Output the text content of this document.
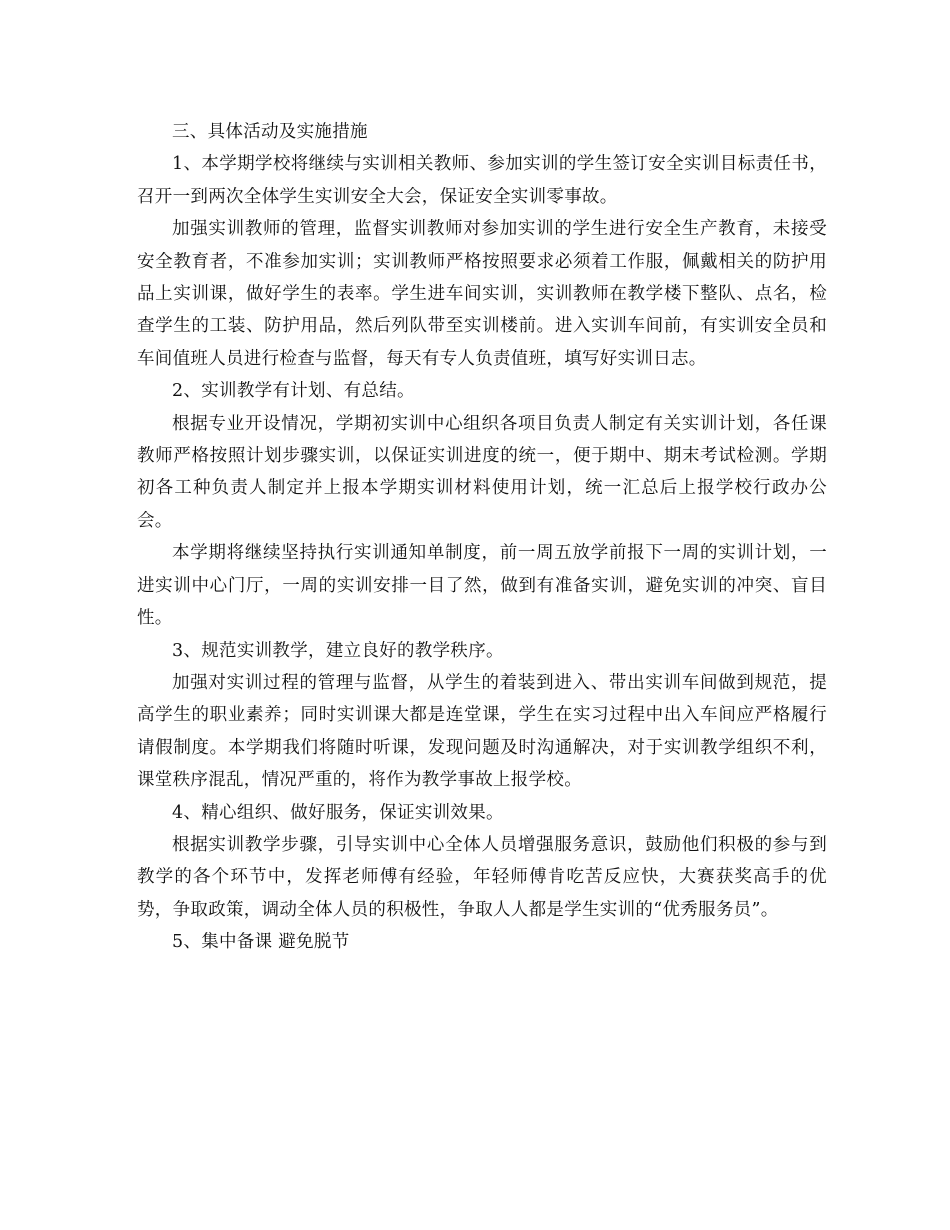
三、具体活动及实施措施

1、本学期学校将继续与实训相关教师、参加实训的学生签订安全实训目标责任书，召开一到两次全体学生实训安全大会，保证安全实训零事故。

加强实训教师的管理，监督实训教师对参加实训的学生进行安全生产教育，未接受安全教育者，不准参加实训；实训教师严格按照要求必须着工作服，佩戴相关的防护用品上实训课，做好学生的表率。学生进车间实训，实训教师在教学楼下整队、点名，检查学生的工装、防护用品，然后列队带至实训楼前。进入实训车间前，有实训安全员和车间值班人员进行检查与监督，每天有专人负责值班，填写好实训日志。

2、实训教学有计划、有总结。

根据专业开设情况，学期初实训中心组织各项目负责人制定有关实训计划，各任课教师严格按照计划步骤实训，以保证实训进度的统一，便于期中、期末考试检测。学期初各工种负责人制定并上报本学期实训材料使用计划，统一汇总后上报学校行政办公会。

本学期将继续坚持执行实训通知单制度，前一周五放学前报下一周的实训计划，一进实训中心门厅，一周的实训安排一目了然，做到有准备实训，避免实训的冲突、盲目性。

3、规范实训教学，建立良好的教学秩序。

加强对实训过程的管理与监督，从学生的着装到进入、带出实训车间做到规范，提高学生的职业素养；同时实训课大都是连堂课，学生在实习过程中出入车间应严格履行请假制度。本学期我们将随时听课，发现问题及时沟通解决，对于实训教学组织不利，课堂秩序混乱，情况严重的，将作为教学事故上报学校。

4、精心组织、做好服务，保证实训效果。

根据实训教学步骤，引导实训中心全体人员增强服务意识，鼓励他们积极的参与到教学的各个环节中，发挥老师傅有经验，年轻师傅肯吃苦反应快，大赛获奖高手的优势，争取政策，调动全体人员的积极性，争取人人都是学生实训的“优秀服务员”。

5、集中备课 避免脱节
